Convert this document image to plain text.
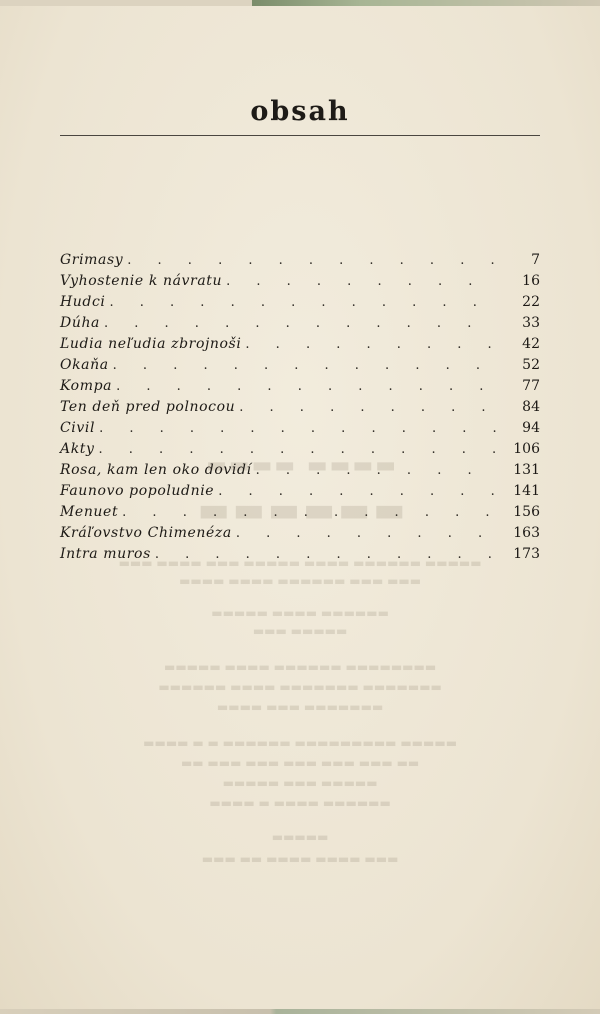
▬▬▬▬ ▬▬▬▬
▬▬▬▬▬▬
▬▬▬▬▬ ▬▬▬▬▬▬ ▬▬▬▬ ▬▬▬▬▬ ▬▬▬ ▬▬▬▬ ▬▬▬
▬▬▬ ▬▬▬ ▬▬▬▬▬▬ ▬▬▬▬ ▬▬▬▬
▬▬▬▬▬▬ ▬▬▬▬ ▬▬▬▬▬
▬▬▬▬▬ ▬▬▬
▬▬▬▬▬▬▬▬ ▬▬▬▬▬▬ ▬▬▬▬ ▬▬▬▬▬
▬▬▬▬▬▬▬ ▬▬▬▬▬▬▬ ▬▬▬▬ ▬▬▬▬▬▬
▬▬▬▬▬▬▬ ▬▬▬ ▬▬▬▬
▬▬▬▬▬ ▬▬▬▬▬▬▬▬▬ ▬▬▬▬▬▬ ▬ ▬ ▬▬▬▬
▬▬ ▬▬▬ ▬▬▬ ▬▬▬ ▬▬▬ ▬▬▬ ▬▬
▬▬▬▬▬ ▬▬▬ ▬▬▬▬▬
▬▬▬▬▬▬ ▬▬▬▬ ▬ ▬▬▬▬
▬▬▬▬▬
▬▬▬ ▬▬▬▬ ▬▬▬▬ ▬▬ ▬▬▬
obsah
Grimasy . . .	7
Vyhostenie k návratu . . .	16
Hudci . . .	22
Dúha . . .	33
Ľudia neľudia zbrojnoši . . .	42
Okaňa . . .	52
Kompa . . .	77
Ten deň pred polnocou . . .	84
Civil . . .	94
Akty . . .	106
Rosa, kam len oko dovidí . . .	131
Faunovo popoludnie . . .	141
Menuet . . .	156
Kráľovstvo Chimenéza . . .	163
Intra muros . . .	173
